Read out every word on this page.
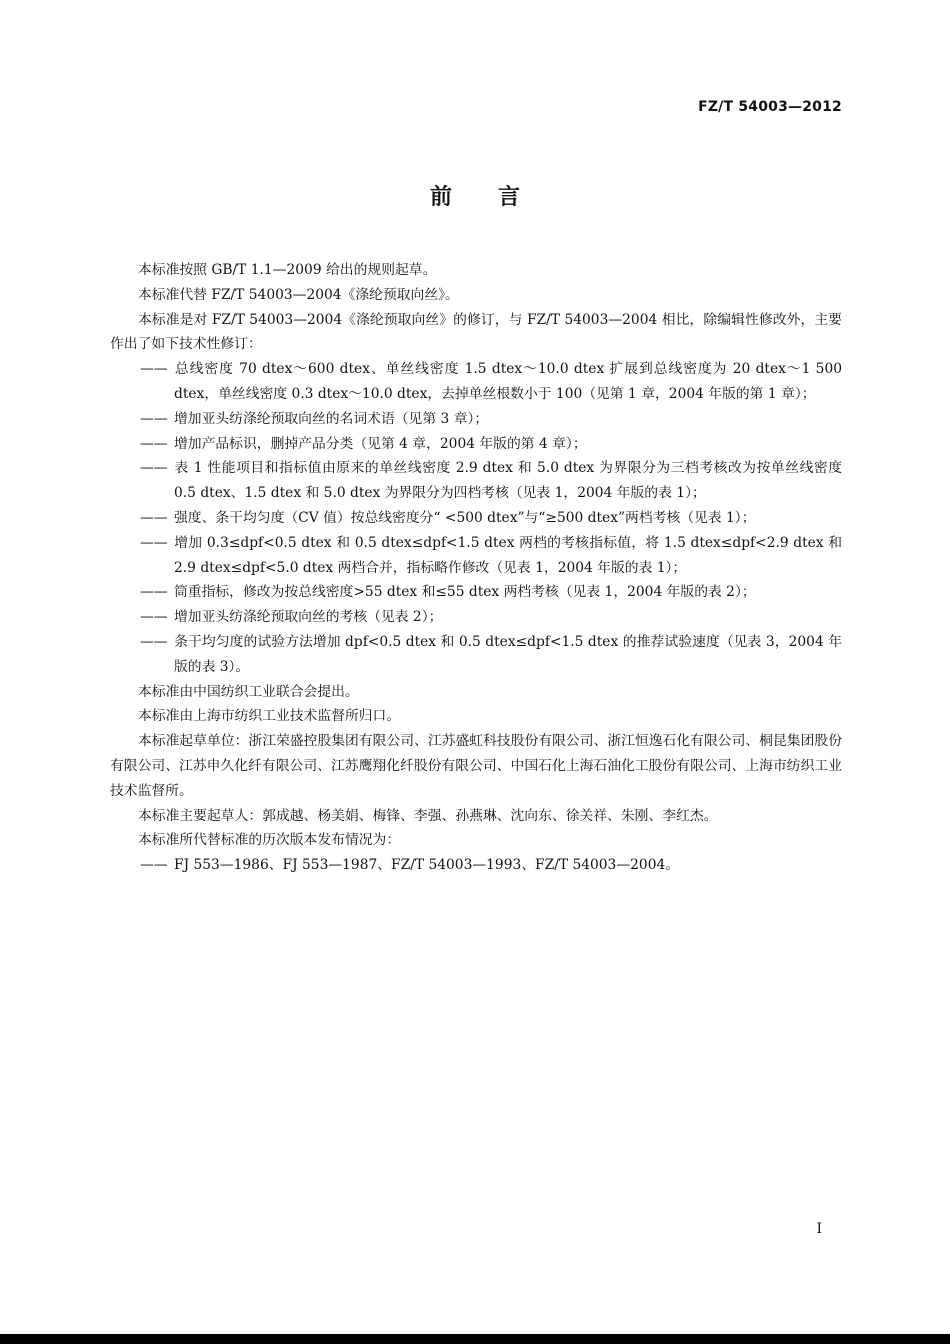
FZ/T 54003—2012
前言

本标准按照 GB/T 1.1—2009 给出的规则起草。

本标准代替 FZ/T 54003—2004《涤纶预取向丝》。

本标准是对 FZ/T 54003—2004《涤纶预取向丝》的修订，与 FZ/T 54003—2004 相比，除编辑性修改外，主要作出了如下技术性修订：

—— 总线密度 70 dtex～600 dtex、单丝线密度 1.5 dtex～10.0 dtex 扩展到总线密度为 20 dtex～1 500 dtex，单丝线密度 0.3 dtex～10.0 dtex，去掉单丝根数小于 100（见第 1 章，2004 年版的第 1 章）；

—— 增加亚头纺涤纶预取向丝的名词术语（见第 3 章）；

—— 增加产品标识，删掉产品分类（见第 4 章，2004 年版的第 4 章）；

—— 表 1 性能项目和指标值由原来的单丝线密度 2.9 dtex 和 5.0 dtex 为界限分为三档考核改为按单丝线密度 0.5 dtex、1.5 dtex 和 5.0 dtex 为界限分为四档考核（见表 1，2004 年版的表 1）；

—— 强度、条干均匀度（CV 值）按总线密度分“ <500 dtex”与“≥500 dtex”两档考核（见表 1）；

—— 增加 0.3≤dpf<0.5 dtex 和 0.5 dtex≤dpf<1.5 dtex 两档的考核指标值，将 1.5 dtex≤dpf<2.9 dtex 和 2.9 dtex≤dpf<5.0 dtex 两档合并，指标略作修改（见表 1，2004 年版的表 1）；

—— 筒重指标，修改为按总线密度>55 dtex 和≤55 dtex 两档考核（见表 1，2004 年版的表 2）；

—— 增加亚头纺涤纶预取向丝的考核（见表 2）；

—— 条干均匀度的试验方法增加 dpf<0.5 dtex 和 0.5 dtex≤dpf<1.5 dtex 的推荐试验速度（见表 3，2004 年版的表 3）。

本标准由中国纺织工业联合会提出。

本标准由上海市纺织工业技术监督所归口。

本标准起草单位：浙江荣盛控股集团有限公司、江苏盛虹科技股份有限公司、浙江恒逸石化有限公司、桐昆集团股份有限公司、江苏申久化纤有限公司、江苏鹰翔化纤股份有限公司、中国石化上海石油化工股份有限公司、上海市纺织工业技术监督所。

本标准主要起草人：郭成越、杨美娟、梅锋、李强、孙燕琳、沈向东、徐关祥、朱刚、李红杰。

本标准所代替标准的历次版本发布情况为：

—— FJ 553—1986、FJ 553—1987、FZ/T 54003—1993、FZ/T 54003—2004。

I
